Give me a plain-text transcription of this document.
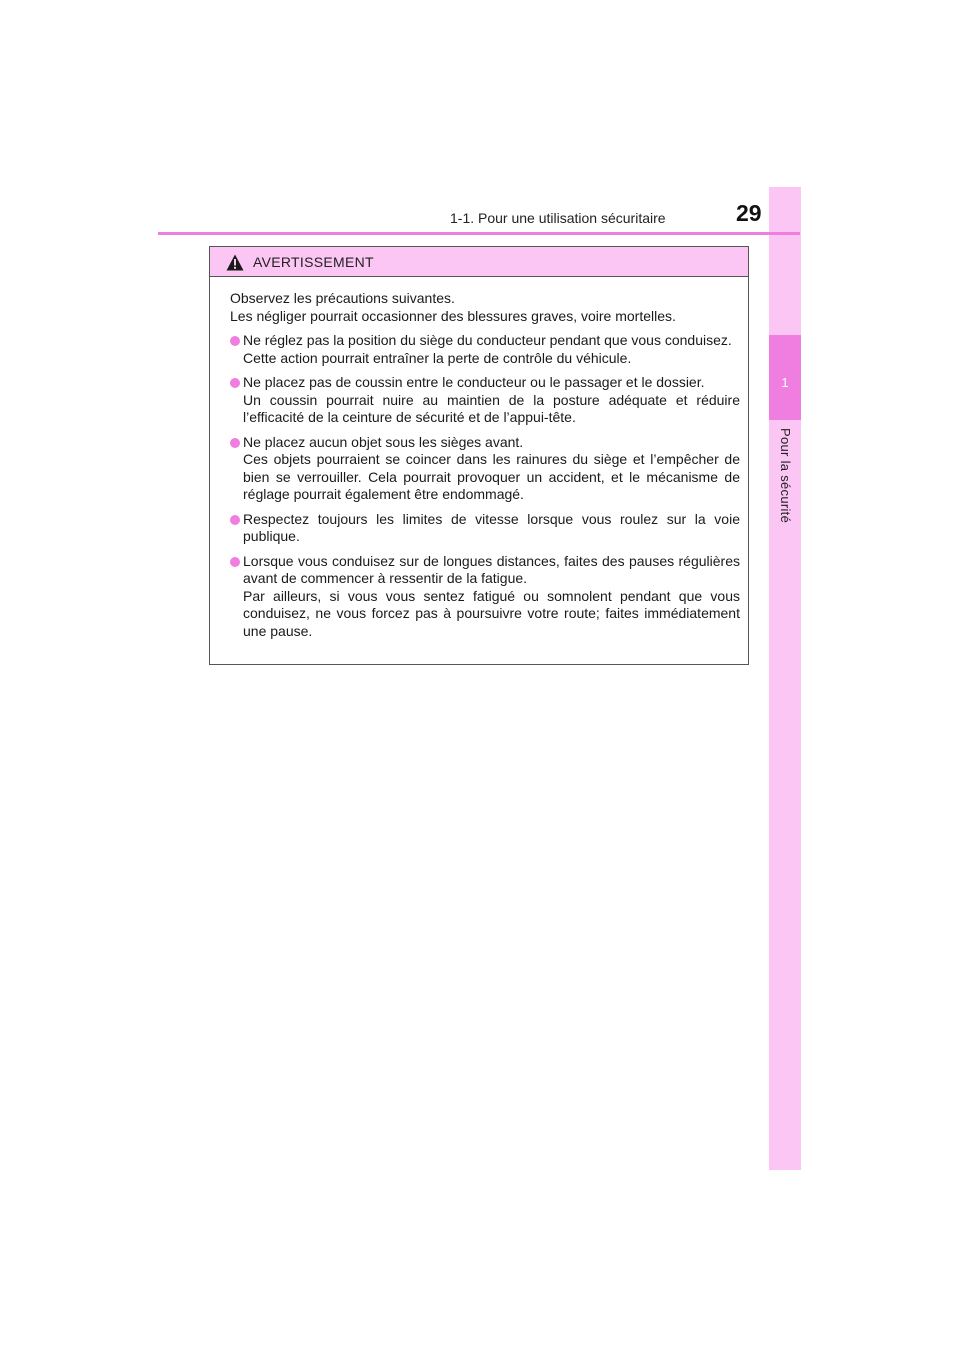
1
Pour la sécurité
1-1. Pour une utilisation sécuritaire	29
AVERTISSEMENT

Observez les précautions suivantes.

Les négliger pourrait occasionner des blessures graves, voire mortelles.

Ne réglez pas la position du siège du conducteur pendant que vous conduisez.

Cette action pourrait entraîner la perte de contrôle du véhicule.

Ne placez pas de coussin entre le conducteur ou le passager et le dossier.

Un coussin pourrait nuire au maintien de la posture adéquate et réduire l’efficacité de la ceinture de sécurité et de l’appui-tête.

Ne placez aucun objet sous les sièges avant.

Ces objets pourraient se coincer dans les rainures du siège et l’empêcher de bien se verrouiller. Cela pourrait provoquer un accident, et le mécanisme de réglage pourrait également être endommagé.

Respectez toujours les limites de vitesse lorsque vous roulez sur la voie publique.

Lorsque vous conduisez sur de longues distances, faites des pauses régulières avant de commencer à ressentir de la fatigue.

Par ailleurs, si vous vous sentez fatigué ou somnolent pendant que vous conduisez, ne vous forcez pas à poursuivre votre route; faites immédiatement une pause.
